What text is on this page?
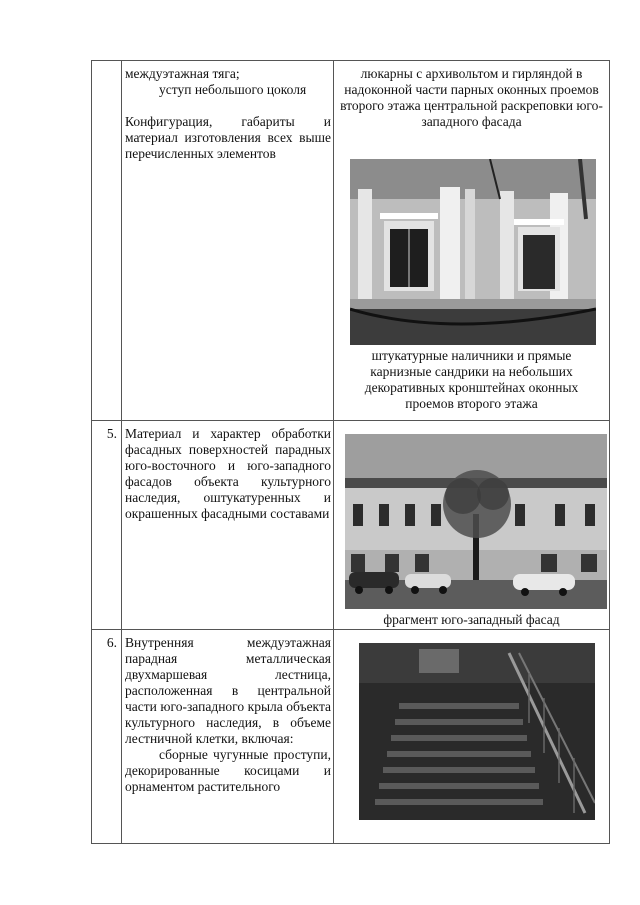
междуэтажная тяга;
уступ небольшого цоколя
Конфигурация, габариты и материал изготовления всех выше перечисленных элементов
люкарны с архивольтом и гирляндой в надоконной части парных оконных проемов второго этажа центральной раскреповки юго-западного фасада
штукатурные наличники и прямые карнизные сандрики на небольших декоративных кронштейнах оконных проемов второго этажа
5. Материал и характер обработки фасадных поверхностей парадных юго-восточного и юго-западного фасадов объекта культурного наследия, оштукатуренных и окрашенных фасадными составами
фрагмент юго-западный фасад
6. Внутренняя междуэтажная парадная металлическая двухмаршевая лестница, расположенная в центральной части юго-западного крыла объекта культурного наследия, в объеме лестничной клетки, включая:
сборные чугунные проступи, декорированные косицами и орнаментом растительного
